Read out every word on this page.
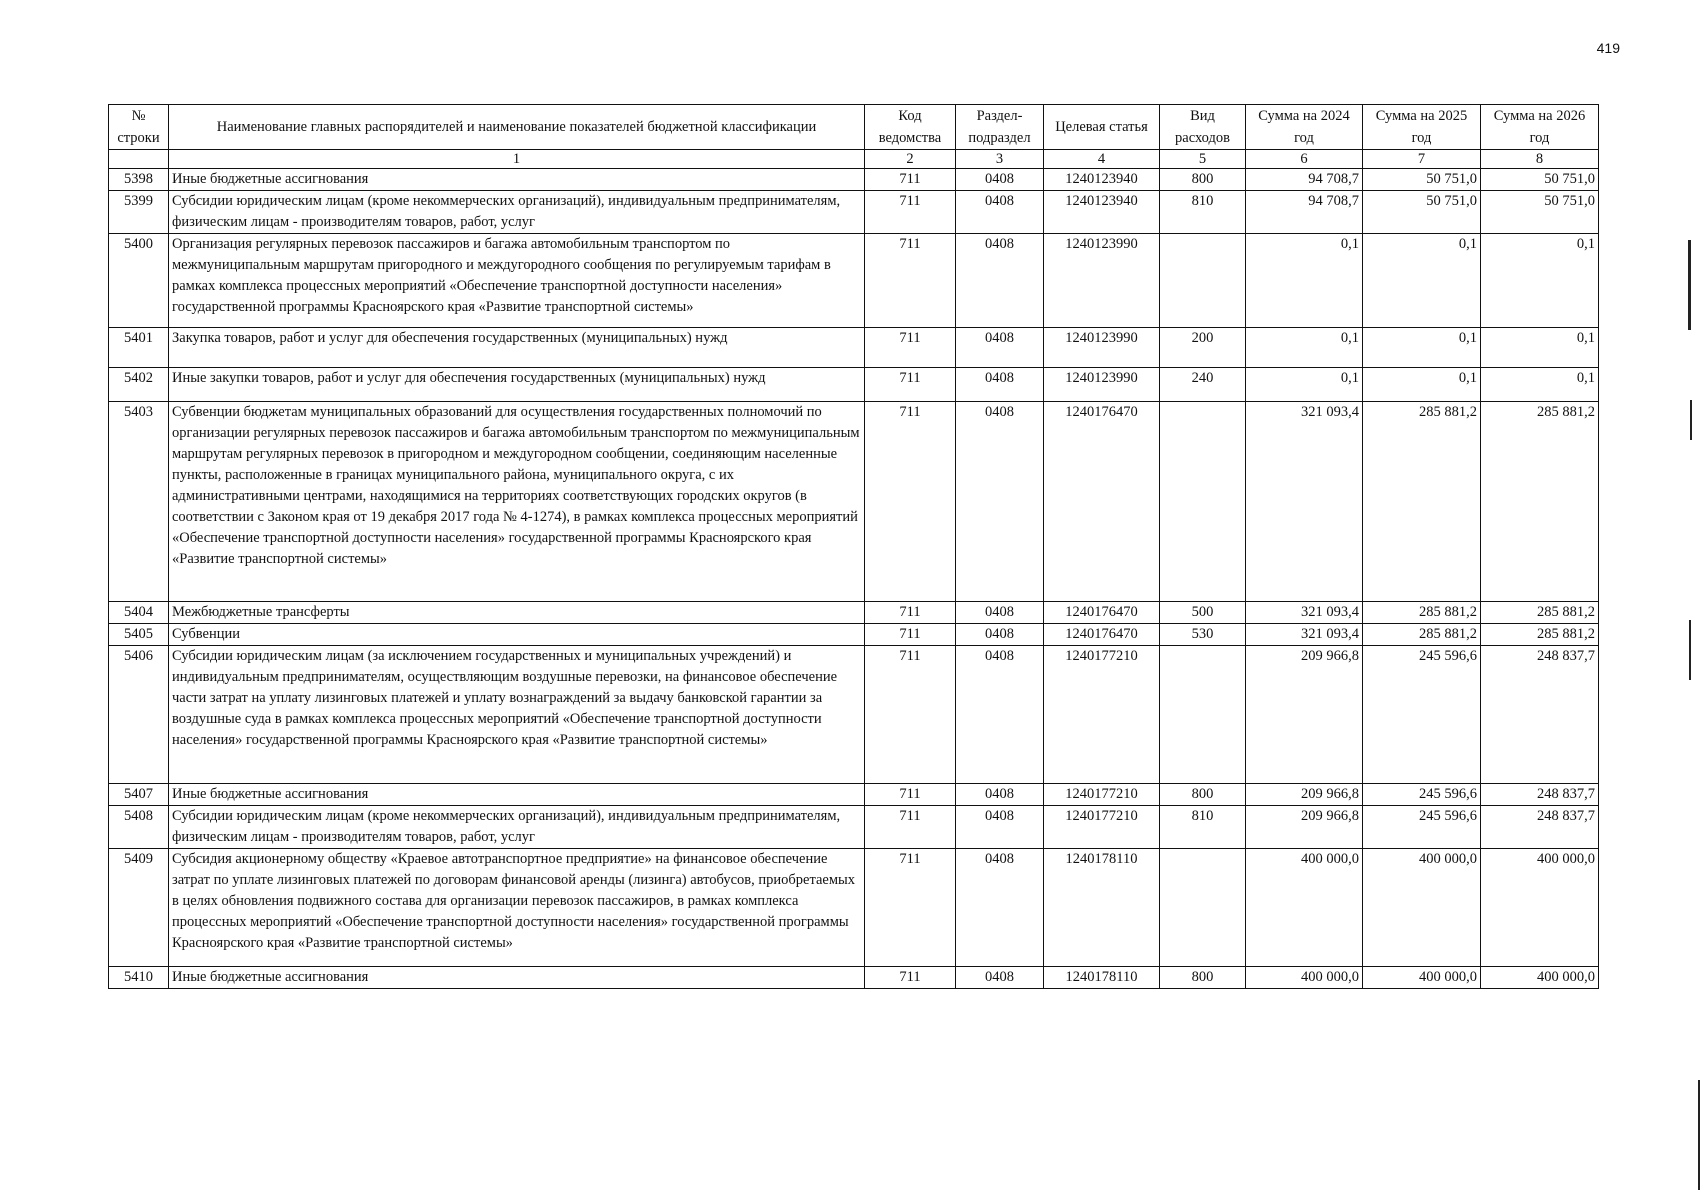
419
№ строки	Наименование главных распорядителей и наименование показателей бюджетной классификации	Код ведомства	Раздел-подраздел	Целевая статья	Вид расходов	Сумма на 2024 год	Сумма на 2025 год	Сумма на 2026 год
	1	2	3	4	5	6	7	8
5398	Иные бюджетные ассигнования	711	0408	1240123940	800	94 708,7	50 751,0	50 751,0
5399	Субсидии юридическим лицам (кроме некоммерческих организаций), индивидуальным предпринимателям, физическим лицам - производителям товаров, работ, услуг	711	0408	1240123940	810	94 708,7	50 751,0	50 751,0
5400	Организация регулярных перевозок пассажиров и багажа автомобильным транспортом по межмуниципальным маршрутам пригородного и междугородного сообщения по регулируемым тарифам в рамках комплекса процессных мероприятий «Обеспечение транспортной доступности населения» государственной программы Красноярского края «Развитие транспортной системы»	711	0408	1240123990		0,1	0,1	0,1
5401	Закупка товаров, работ и услуг для обеспечения государственных (муниципальных) нужд	711	0408	1240123990	200	0,1	0,1	0,1
5402	Иные закупки товаров, работ и услуг для обеспечения государственных (муниципальных) нужд	711	0408	1240123990	240	0,1	0,1	0,1
5403	Субвенции бюджетам муниципальных образований для осуществления государственных полномочий по организации регулярных перевозок пассажиров и багажа автомобильным транспортом по межмуниципальным маршрутам регулярных перевозок в пригородном и междугородном сообщении, соединяющим населенные пункты, расположенные в границах муниципального района, муниципального округа, с их административными центрами, находящимися на территориях соответствующих городских округов (в соответствии с Законом края от 19 декабря 2017 года № 4-1274), в рамках комплекса процессных мероприятий «Обеспечение транспортной доступности населения» государственной программы Красноярского края «Развитие транспортной системы»	711	0408	1240176470		321 093,4	285 881,2	285 881,2
5404	Межбюджетные трансферты	711	0408	1240176470	500	321 093,4	285 881,2	285 881,2
5405	Субвенции	711	0408	1240176470	530	321 093,4	285 881,2	285 881,2
5406	Субсидии юридическим лицам (за исключением государственных и муниципальных учреждений) и индивидуальным предпринимателям, осуществляющим воздушные перевозки, на финансовое обеспечение части затрат на уплату лизинговых платежей и уплату вознаграждений за выдачу банковской гарантии за воздушные суда в рамках комплекса процессных мероприятий «Обеспечение транспортной доступности населения» государственной программы Красноярского края «Развитие транспортной системы»	711	0408	1240177210		209 966,8	245 596,6	248 837,7
5407	Иные бюджетные ассигнования	711	0408	1240177210	800	209 966,8	245 596,6	248 837,7
5408	Субсидии юридическим лицам (кроме некоммерческих организаций), индивидуальным предпринимателям, физическим лицам - производителям товаров, работ, услуг	711	0408	1240177210	810	209 966,8	245 596,6	248 837,7
5409	Субсидия акционерному обществу «Краевое автотранспортное предприятие» на финансовое обеспечение затрат по уплате лизинговых платежей по договорам финансовой аренды (лизинга) автобусов, приобретаемых в целях обновления подвижного состава для организации перевозок пассажиров, в рамках комплекса процессных мероприятий «Обеспечение транспортной доступности населения» государственной программы Красноярского края «Развитие транспортной системы»	711	0408	1240178110		400 000,0	400 000,0	400 000,0
5410	Иные бюджетные ассигнования	711	0408	1240178110	800	400 000,0	400 000,0	400 000,0
